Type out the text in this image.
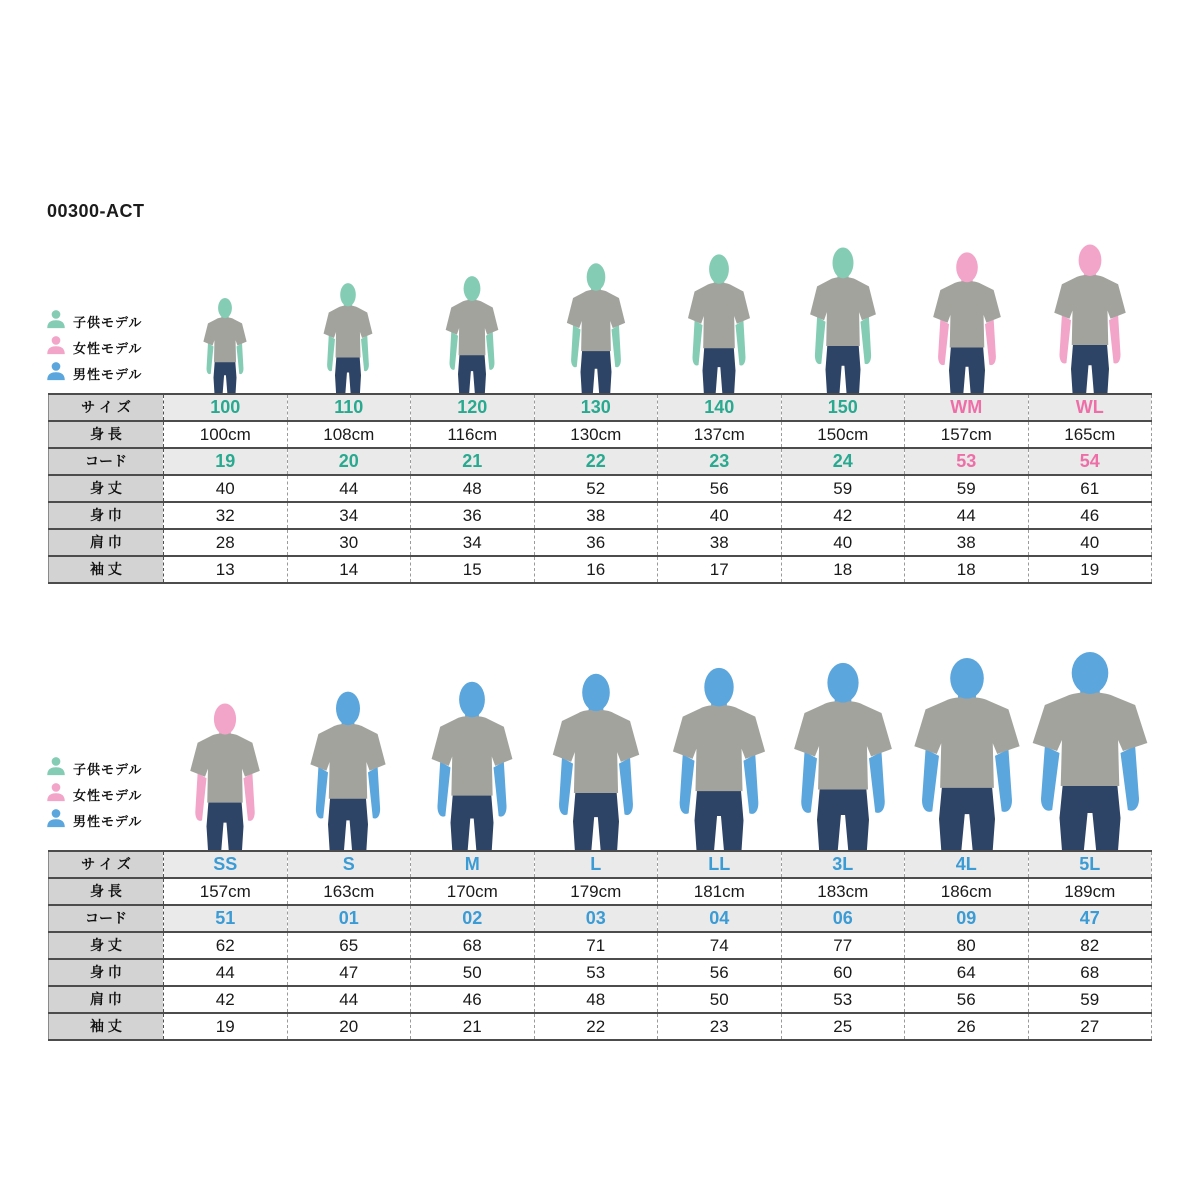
00300-ACT
子供モデル
女性モデル
男性モデル
サ イ ズ	100	110	120	130	140	150	WM	WL
身 長	100cm	108cm	116cm	130cm	137cm	150cm	157cm	165cm
コード	19	20	21	22	23	24	53	54
身 丈	40	44	48	52	56	59	59	61
身 巾	32	34	36	38	40	42	44	46
肩 巾	28	30	34	36	38	40	38	40
袖 丈	13	14	15	16	17	18	18	19
子供モデル
女性モデル
男性モデル
サ イ ズ	SS	S	M	L	LL	3L	4L	5L
身 長	157cm	163cm	170cm	179cm	181cm	183cm	186cm	189cm
コード	51	01	02	03	04	06	09	47
身 丈	62	65	68	71	74	77	80	82
身 巾	44	47	50	53	56	60	64	68
肩 巾	42	44	46	48	50	53	56	59
袖 丈	19	20	21	22	23	25	26	27
